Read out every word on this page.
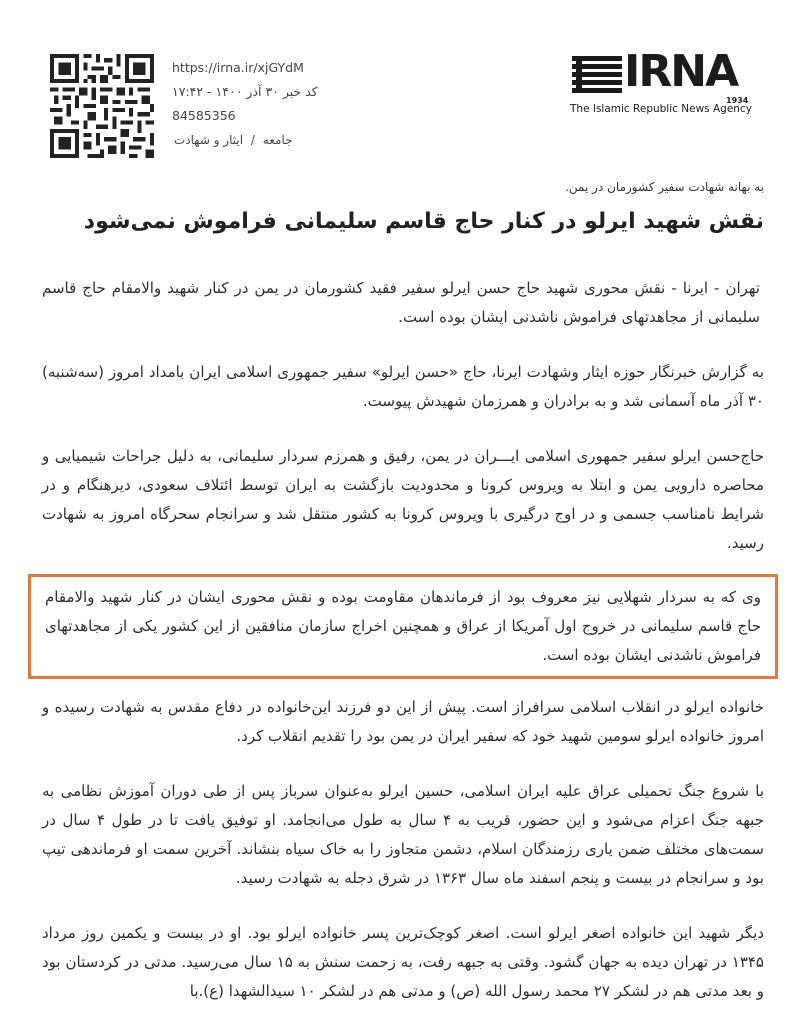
https://irna.ir/xjGYdM
کد خبر ۳۰ آذر ۱۴۰۰ - ۱۷:۴۲
84585356
جامعه / ایثار و شهادت
IRNA
1934
The Islamic Republic News Agency
به بهانه شهادت سفیر کشورمان در یمن.
نقش شهید ایرلو در کنار حاج قاسم سلیمانی فراموش نمی‌شود

تهران - ایرنا - نقش محوری شهید حاج حسن ایرلو سفیر فقید کشورمان در یمن در کنار شهید والامقام حاج قاسم سلیمانی از مجاهدتهای فراموش ناشدنی ایشان بوده است.

به گزارش خبرنگار حوزه ایثار وشهادت ایرنا، حاج «حسن ایرلو» سفیر جمهوری اسلامی ایران بامداد امروز (سه‌شنبه) ۳۰ آذر ماه آسمانی شد و به برادران و همرزمان شهیدش پیوست.

حاج‌حسن ایرلو سفیر جمهوری اسلامی ایـــران در یمن، رفیق و همرزم سردار سلیمانی، به دلیل جراحات شیمیایی و محاصره دارویی یمن و ابتلا به ویروس کرونا و محدودیت بازگشت به ایران توسط ائتلاف سعودی، دیرهنگام و در شرایط نامناسب جسمی و در اوج درگیری با ویروس کرونا به کشور منتقل شد و سرانجام سحرگاه امروز به شهادت رسید.

وی که به سردار شهلایی نیز معروف بود از فرماندهان مقاومت بوده و نقش محوری ایشان در کنار شهید والامقام حاج قاسم سلیمانی در خروج اول آمریکا از عراق و همچنین اخراج سازمان منافقین از این کشور یکی از مجاهدتهای فراموش ناشدنی ایشان بوده است.

خانواده ایرلو در انقلاب اسلامی سرافراز است. پیش از این دو فرزند این‌خانواده در دفاع مقدس به شهادت رسیده و امروز خانواده ایرلو سومین شهید خود که سفیر ایران در یمن بود را تقدیم انقلاب کرد.

با شروع جنگ تحمیلی عراق علیه ایران اسلامی، حسین ایرلو به‌عنوان سرباز پس از طی دوران آموزش نظامی به جبهه جنگ اعزام می‌شود و این حضور، قریب به ۴ سال به طول می‌انجامد. او توفیق یافت تا در طول ۴ سال در سمت‌های مختلف ضمن یاری رزمندگان اسلام، دشمن متجاوز را به خاک سیاه بنشاند. آخرین سمت او فرماندهی تیپ بود و سرانجام در بیست و پنجم اسفند ماه سال ۱۳۶۳ در شرق دجله به شهادت رسید.

دیگر شهید این خانواده اصغر ایرلو است. اصغر کوچک‌ترین پسر خانواده ایرلو بود. او در بیست و یکمین روز مرداد ۱۳۴۵ در تهران دیده به جهان گشود. وقتی به جبهه رفت، به زحمت سنش به ۱۵ سال می‌رسید. مدتی در کردستان بود و بعد مدتی هم در لشکر ۲۷ محمد رسول الله (ص) و مدتی هم در لشکر ۱۰ سیدالشهدا (ع).با
